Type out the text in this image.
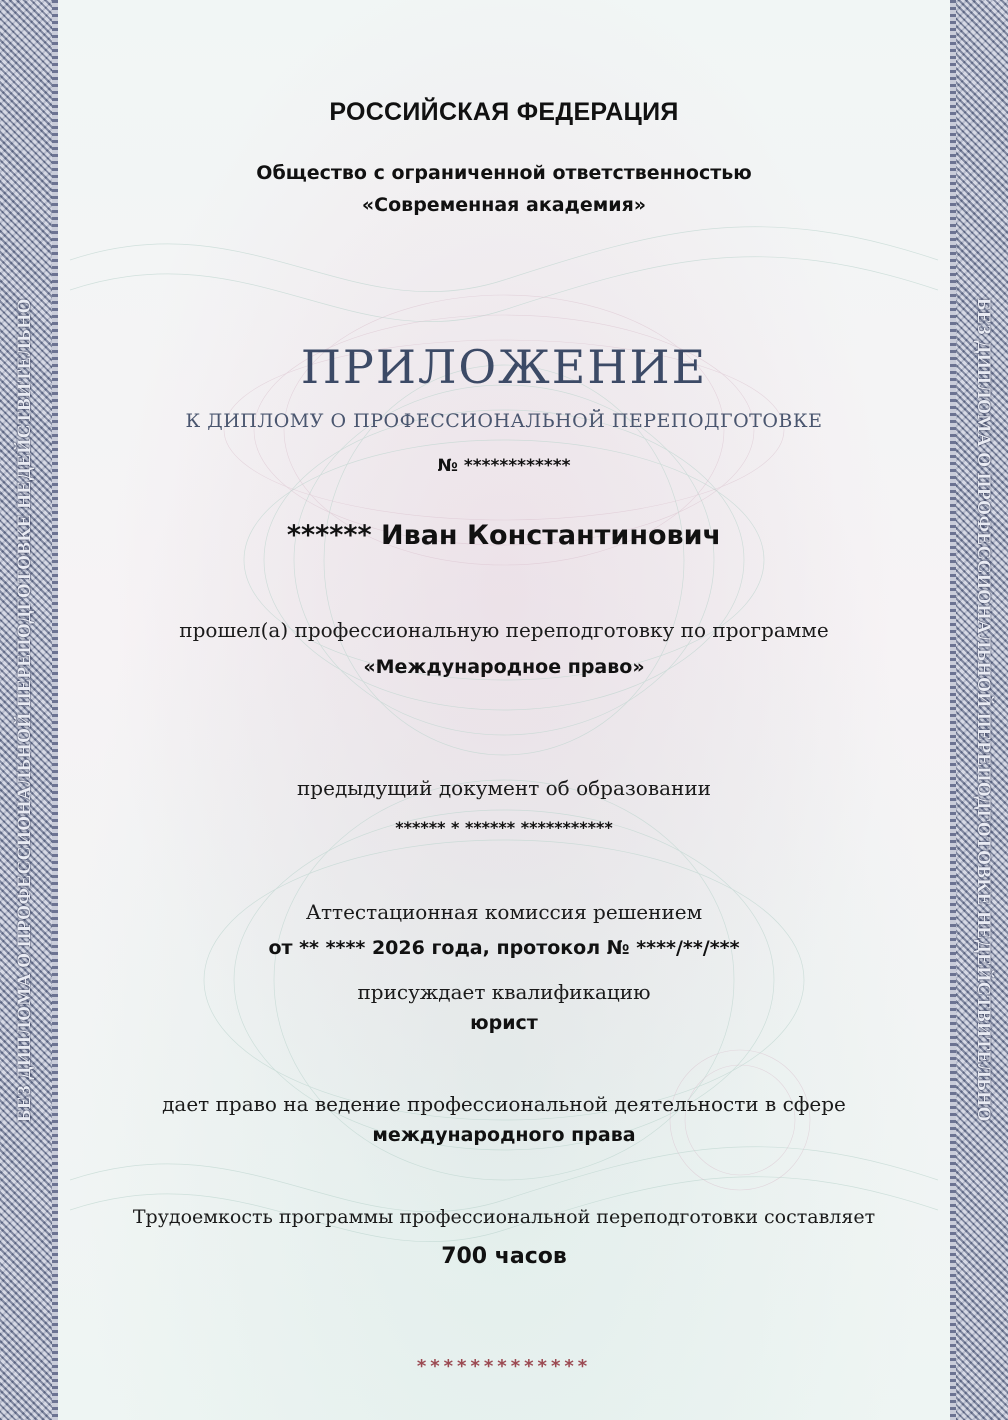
БЕЗ ДИПЛОМА О ПРОФЕССИОНАЛЬНОЙ ПЕРЕПОДГОТОВКЕ НЕДЕЙСТВИТЕЛЬНО	БЕЗ ДИПЛОМА О ПРОФЕССИОНАЛЬНОЙ ПЕРЕПОДГОТОВКЕ НЕДЕЙСТВИТЕЛЬНО
РОССИЙСКАЯ ФЕДЕРАЦИЯ
Общество с ограниченной ответственностью
«Современная академия»
ПРИЛОЖЕНИЕ
К ДИПЛОМУ О ПРОФЕССИОНАЛЬНОЙ ПЕРЕПОДГОТОВКЕ
№ ************
****** Иван Константинович
прошел(а) профессиональную переподготовку по программе
«Международное право»
предыдущий документ об образовании
****** * ****** ***********
Аттестационная комиссия решением
от ** **** 2026 года, протокол № ****/**/***
присуждает квалификацию
юрист
дает право на ведение профессиональной деятельности в сфере
международного права
Трудоемкость программы профессиональной переподготовки составляет
700 часов
*************
